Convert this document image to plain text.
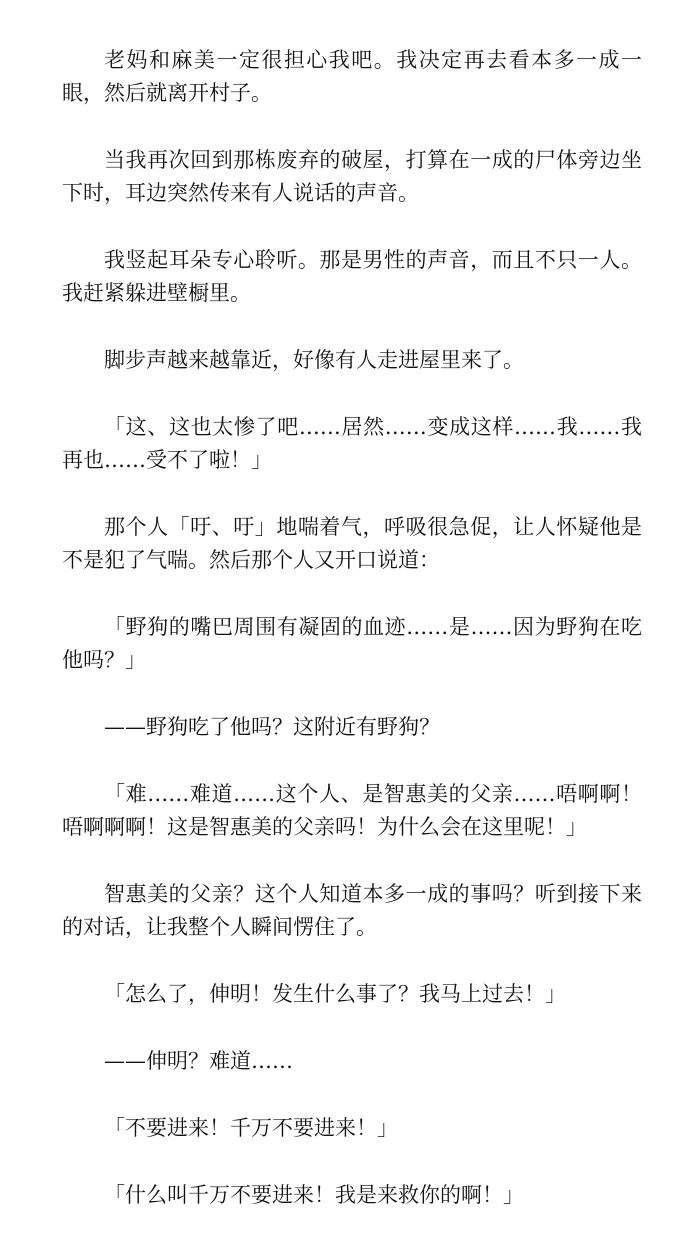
老妈和麻美一定很担心我吧。我决定再去看本多一成一眼，然后就离开村子。

当我再次回到那栋废弃的破屋，打算在一成的尸体旁边坐下时，耳边突然传来有人说话的声音。

我竖起耳朵专心聆听。那是男性的声音，而且不只一人。我赶紧躲进壁橱里。

脚步声越来越靠近，好像有人走进屋里来了。

「这、这也太惨了吧……居然……变成这样……我……我再也……受不了啦！」

那个人「吁、吁」地喘着气，呼吸很急促，让人怀疑他是不是犯了气喘。然后那个人又开口说道：

「野狗的嘴巴周围有凝固的血迹……是……因为野狗在吃他吗？」

——野狗吃了他吗？这附近有野狗？

「难……难道……这个人、是智惠美的父亲……唔啊啊！唔啊啊啊！这是智惠美的父亲吗！为什么会在这里呢！」

智惠美的父亲？这个人知道本多一成的事吗？听到接下来的对话，让我整个人瞬间愣住了。

「怎么了，伸明！发生什么事了？我马上过去！」

——伸明？难道……

「不要进来！千万不要进来！」

「什么叫千万不要进来！我是来救你的啊！」
